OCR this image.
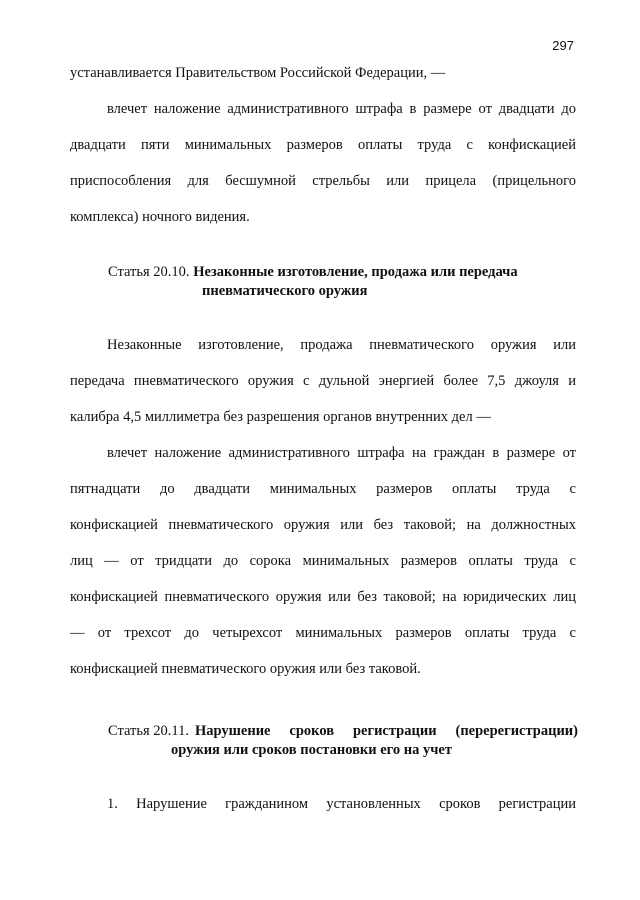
297
устанавливается Правительством Российской Федерации, —
влечет наложение административного штрафа в размере от двадцати до
двадцати пяти минимальных размеров оплаты труда с конфискацией
приспособления для бесшумной стрельбы или прицела (прицельного
комплекса) ночного видения.
Статья 20.10. Незаконные изготовление, продажа или передача
пневматического оружия
Незаконные изготовление, продажа пневматического оружия или
передача пневматического оружия с дульной энергией более 7,5 джоуля и
калибра 4,5 миллиметра без разрешения органов внутренних дел —
влечет наложение административного штрафа на граждан в размере от
пятнадцати до двадцати минимальных размеров оплаты труда с
конфискацией пневматического оружия или без таковой; на должностных
лиц — от тридцати до сорока минимальных размеров оплаты труда с
конфискацией пневматического оружия или без таковой; на юридических лиц
— от трехсот до четырехсот минимальных размеров оплаты труда с
конфискацией пневматического оружия или без таковой.
Статья 20.11. Нарушение сроков регистрации (перерегистрации)
оружия или сроков постановки его на учет
1. Нарушение гражданином установленных сроков регистрации
